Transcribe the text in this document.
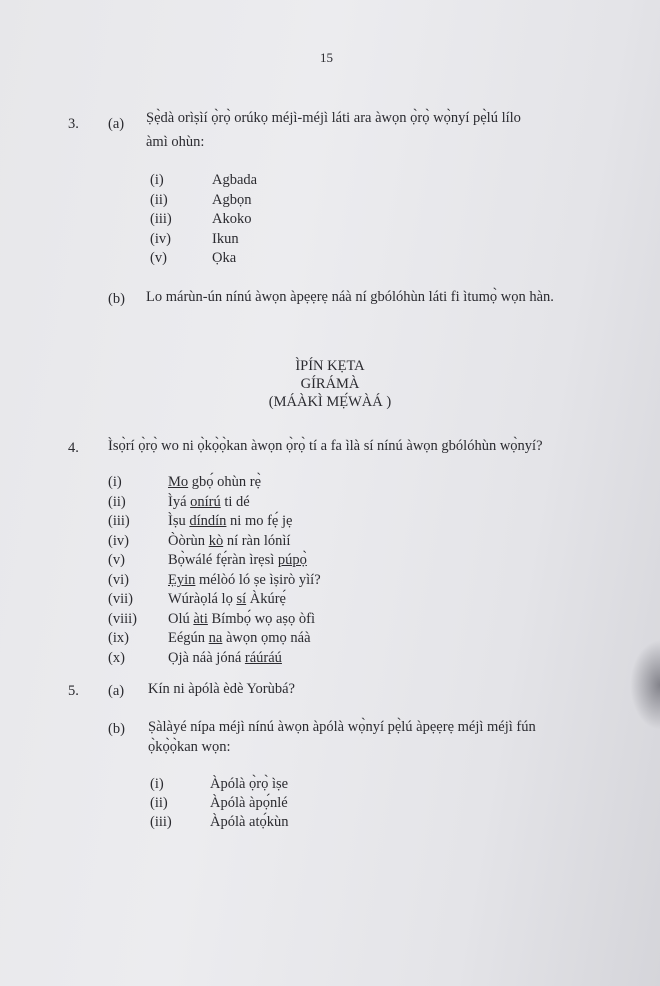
15
3. (a) Ṣẹ̀dà orìṣìí ọ̀rọ̀ orúkọ méjì-méjì láti ara àwọn ọ̀rọ̀ wọ̀nyí pẹ̀lú lílo
àmì ohùn:
(i)	Agbada
(ii)	Agbọn
(iii)	Akoko
(iv)	Ikun
(v)	Ọka
(b) Lo márùn-ún nínú àwọn àpẹẹrẹ náà ní gbólóhùn láti fi ìtumọ̀ wọn hàn.
ÌPÍN KẸTA
GÍRÁMÀ
(MÁÀKÌ MẸ́WÀÁ )
4. Ìsọ̀rí ọ̀rọ̀ wo ni ọ̀kọ̀ọ̀kan àwọn ọ̀rọ̀ tí a fa ìlà sí nínú àwọn gbólóhùn wọ̀nyí?
(i)	Mo gbọ́ ohùn rẹ̀
(ii)	Ìyá onírú ti dé
(iii)	Ìṣu díndín ni mo fẹ́ jẹ
(iv)	Òòrùn kò ní ràn lónìí
(v)	Bọ̀wálé fẹ́ràn ìrẹsì púpọ̀
(vi)	Ẹyin mélòó ló ṣe ìṣirò yìí?
(vii) Wúràọlá lọ sí Àkúrẹ́
(viii) Olú àti Bímbọ́ wọ aṣọ òfì
(ix)	Eégún na àwọn ọmọ náà
(x)	Ọjà náà jóná ráúráú
5. (a) Kín ni àpólà èdè Yorùbá?
(b) Ṣàlàyé nípa méjì nínú àwọn àpólà wọ̀nyí pẹ̀lú àpẹẹrẹ méjì méjì fún
ọ̀kọ̀ọ̀kan wọn:
(i)	Àpólà ọ̀rọ̀ ìṣe
(ii)	Àpólà àpọ́nlé
(iii)	Àpólà atọ́kùn
